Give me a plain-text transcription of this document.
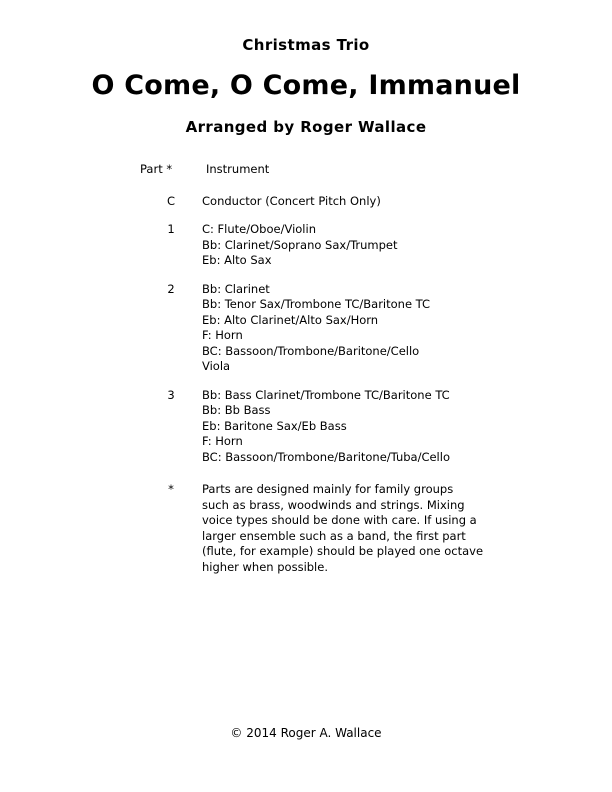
Christmas Trio
O Come, O Come, Immanuel
Arranged by Roger Wallace
Part *	Instrument
C	Conductor (Concert Pitch Only)
1	C: Flute/Oboe/Violin
Bb: Clarinet/Soprano Sax/Trumpet
Eb: Alto Sax
2	Bb: Clarinet
Bb: Tenor Sax/Trombone TC/Baritone TC
Eb: Alto Clarinet/Alto Sax/Horn
F: Horn
BC: Bassoon/Trombone/Baritone/Cello
Viola
3	Bb: Bass Clarinet/Trombone TC/Baritone TC
Bb: Bb Bass
Eb: Baritone Sax/Eb Bass
F: Horn
BC: Bassoon/Trombone/Baritone/Tuba/Cello
*	Parts are designed mainly for family groups
such as brass, woodwinds and strings. Mixing
voice types should be done with care. If using a
larger ensemble such as a band, the first part
(flute, for example) should be played one octave
higher when possible.
© 2014 Roger A. Wallace
